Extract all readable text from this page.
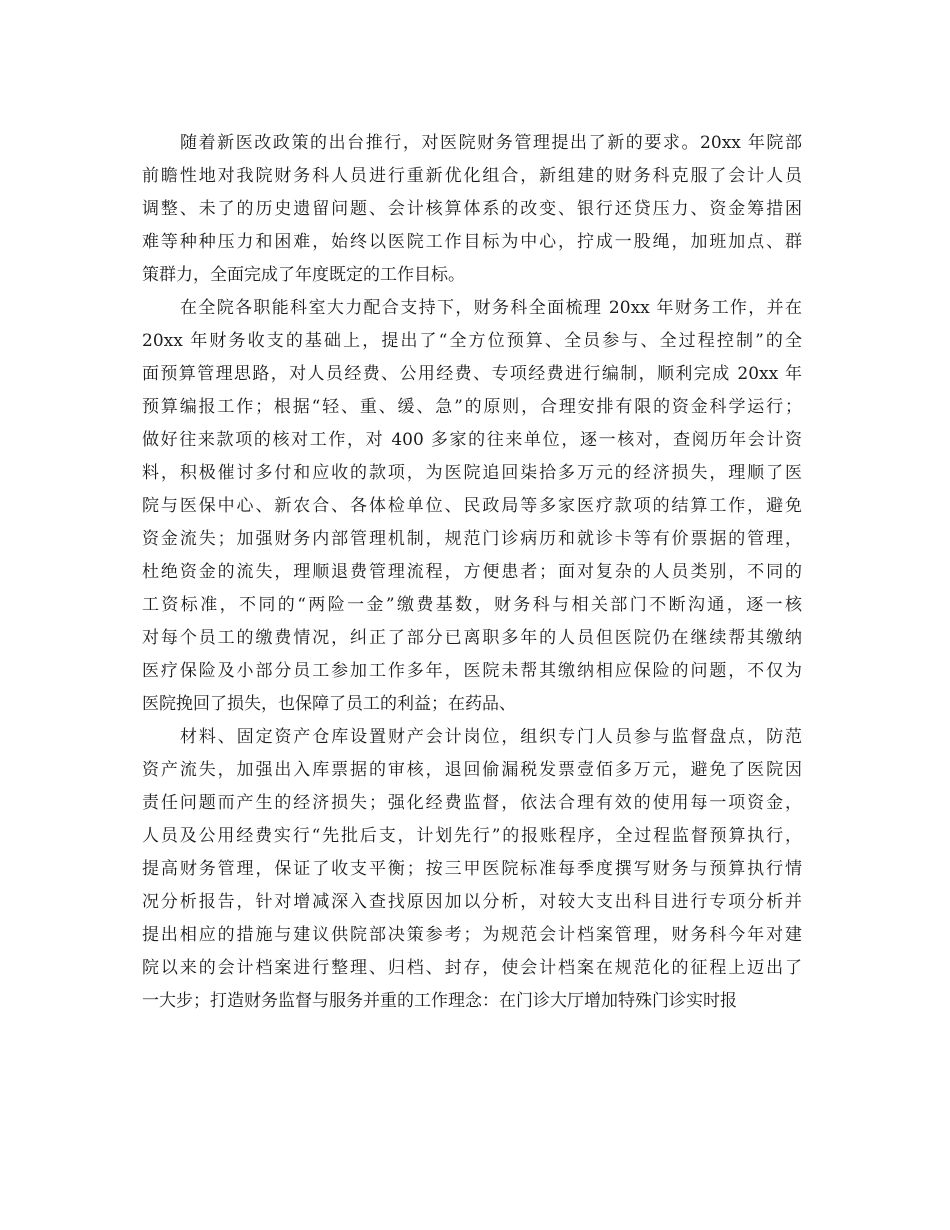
随着新医改政策的出台推行，对医院财务管理提出了新的要求。20xx 年院部
前瞻性地对我院财务科人员进行重新优化组合，新组建的财务科克服了会计人员
调整、未了的历史遗留问题、会计核算体系的改变、银行还贷压力、资金筹措困
难等种种压力和困难，始终以医院工作目标为中心，拧成一股绳，加班加点、群
策群力，全面完成了年度既定的工作目标。
在全院各职能科室大力配合支持下，财务科全面梳理 20xx 年财务工作，并在
20xx 年财务收支的基础上，提出了“全方位预算、全员参与、全过程控制”的全
面预算管理思路，对人员经费、公用经费、专项经费进行编制，顺利完成 20xx 年
预算编报工作；根据“轻、重、缓、急”的原则，合理安排有限的资金科学运行；
做好往来款项的核对工作，对 400 多家的往来单位，逐一核对，查阅历年会计资
料，积极催讨多付和应收的款项，为医院追回柒拾多万元的经济损失，理顺了医
院与医保中心、新农合、各体检单位、民政局等多家医疗款项的结算工作，避免
资金流失；加强财务内部管理机制，规范门诊病历和就诊卡等有价票据的管理，
杜绝资金的流失，理顺退费管理流程，方便患者；面对复杂的人员类别，不同的
工资标准，不同的“两险一金”缴费基数，财务科与相关部门不断沟通，逐一核
对每个员工的缴费情况，纠正了部分已离职多年的人员但医院仍在继续帮其缴纳
医疗保险及小部分员工参加工作多年，医院未帮其缴纳相应保险的问题，不仅为
医院挽回了损失，也保障了员工的利益；在药品、
材料、固定资产仓库设置财产会计岗位，组织专门人员参与监督盘点，防范
资产流失，加强出入库票据的审核，退回偷漏税发票壹佰多万元，避免了医院因
责任问题而产生的经济损失；强化经费监督，依法合理有效的使用每一项资金，
人员及公用经费实行“先批后支，计划先行”的报账程序，全过程监督预算执行，
提高财务管理，保证了收支平衡；按三甲医院标准每季度撰写财务与预算执行情
况分析报告，针对增减深入查找原因加以分析，对较大支出科目进行专项分析并
提出相应的措施与建议供院部决策参考；为规范会计档案管理，财务科今年对建
院以来的会计档案进行整理、归档、封存，使会计档案在规范化的征程上迈出了
一大步；打造财务监督与服务并重的工作理念：在门诊大厅增加特殊门诊实时报
